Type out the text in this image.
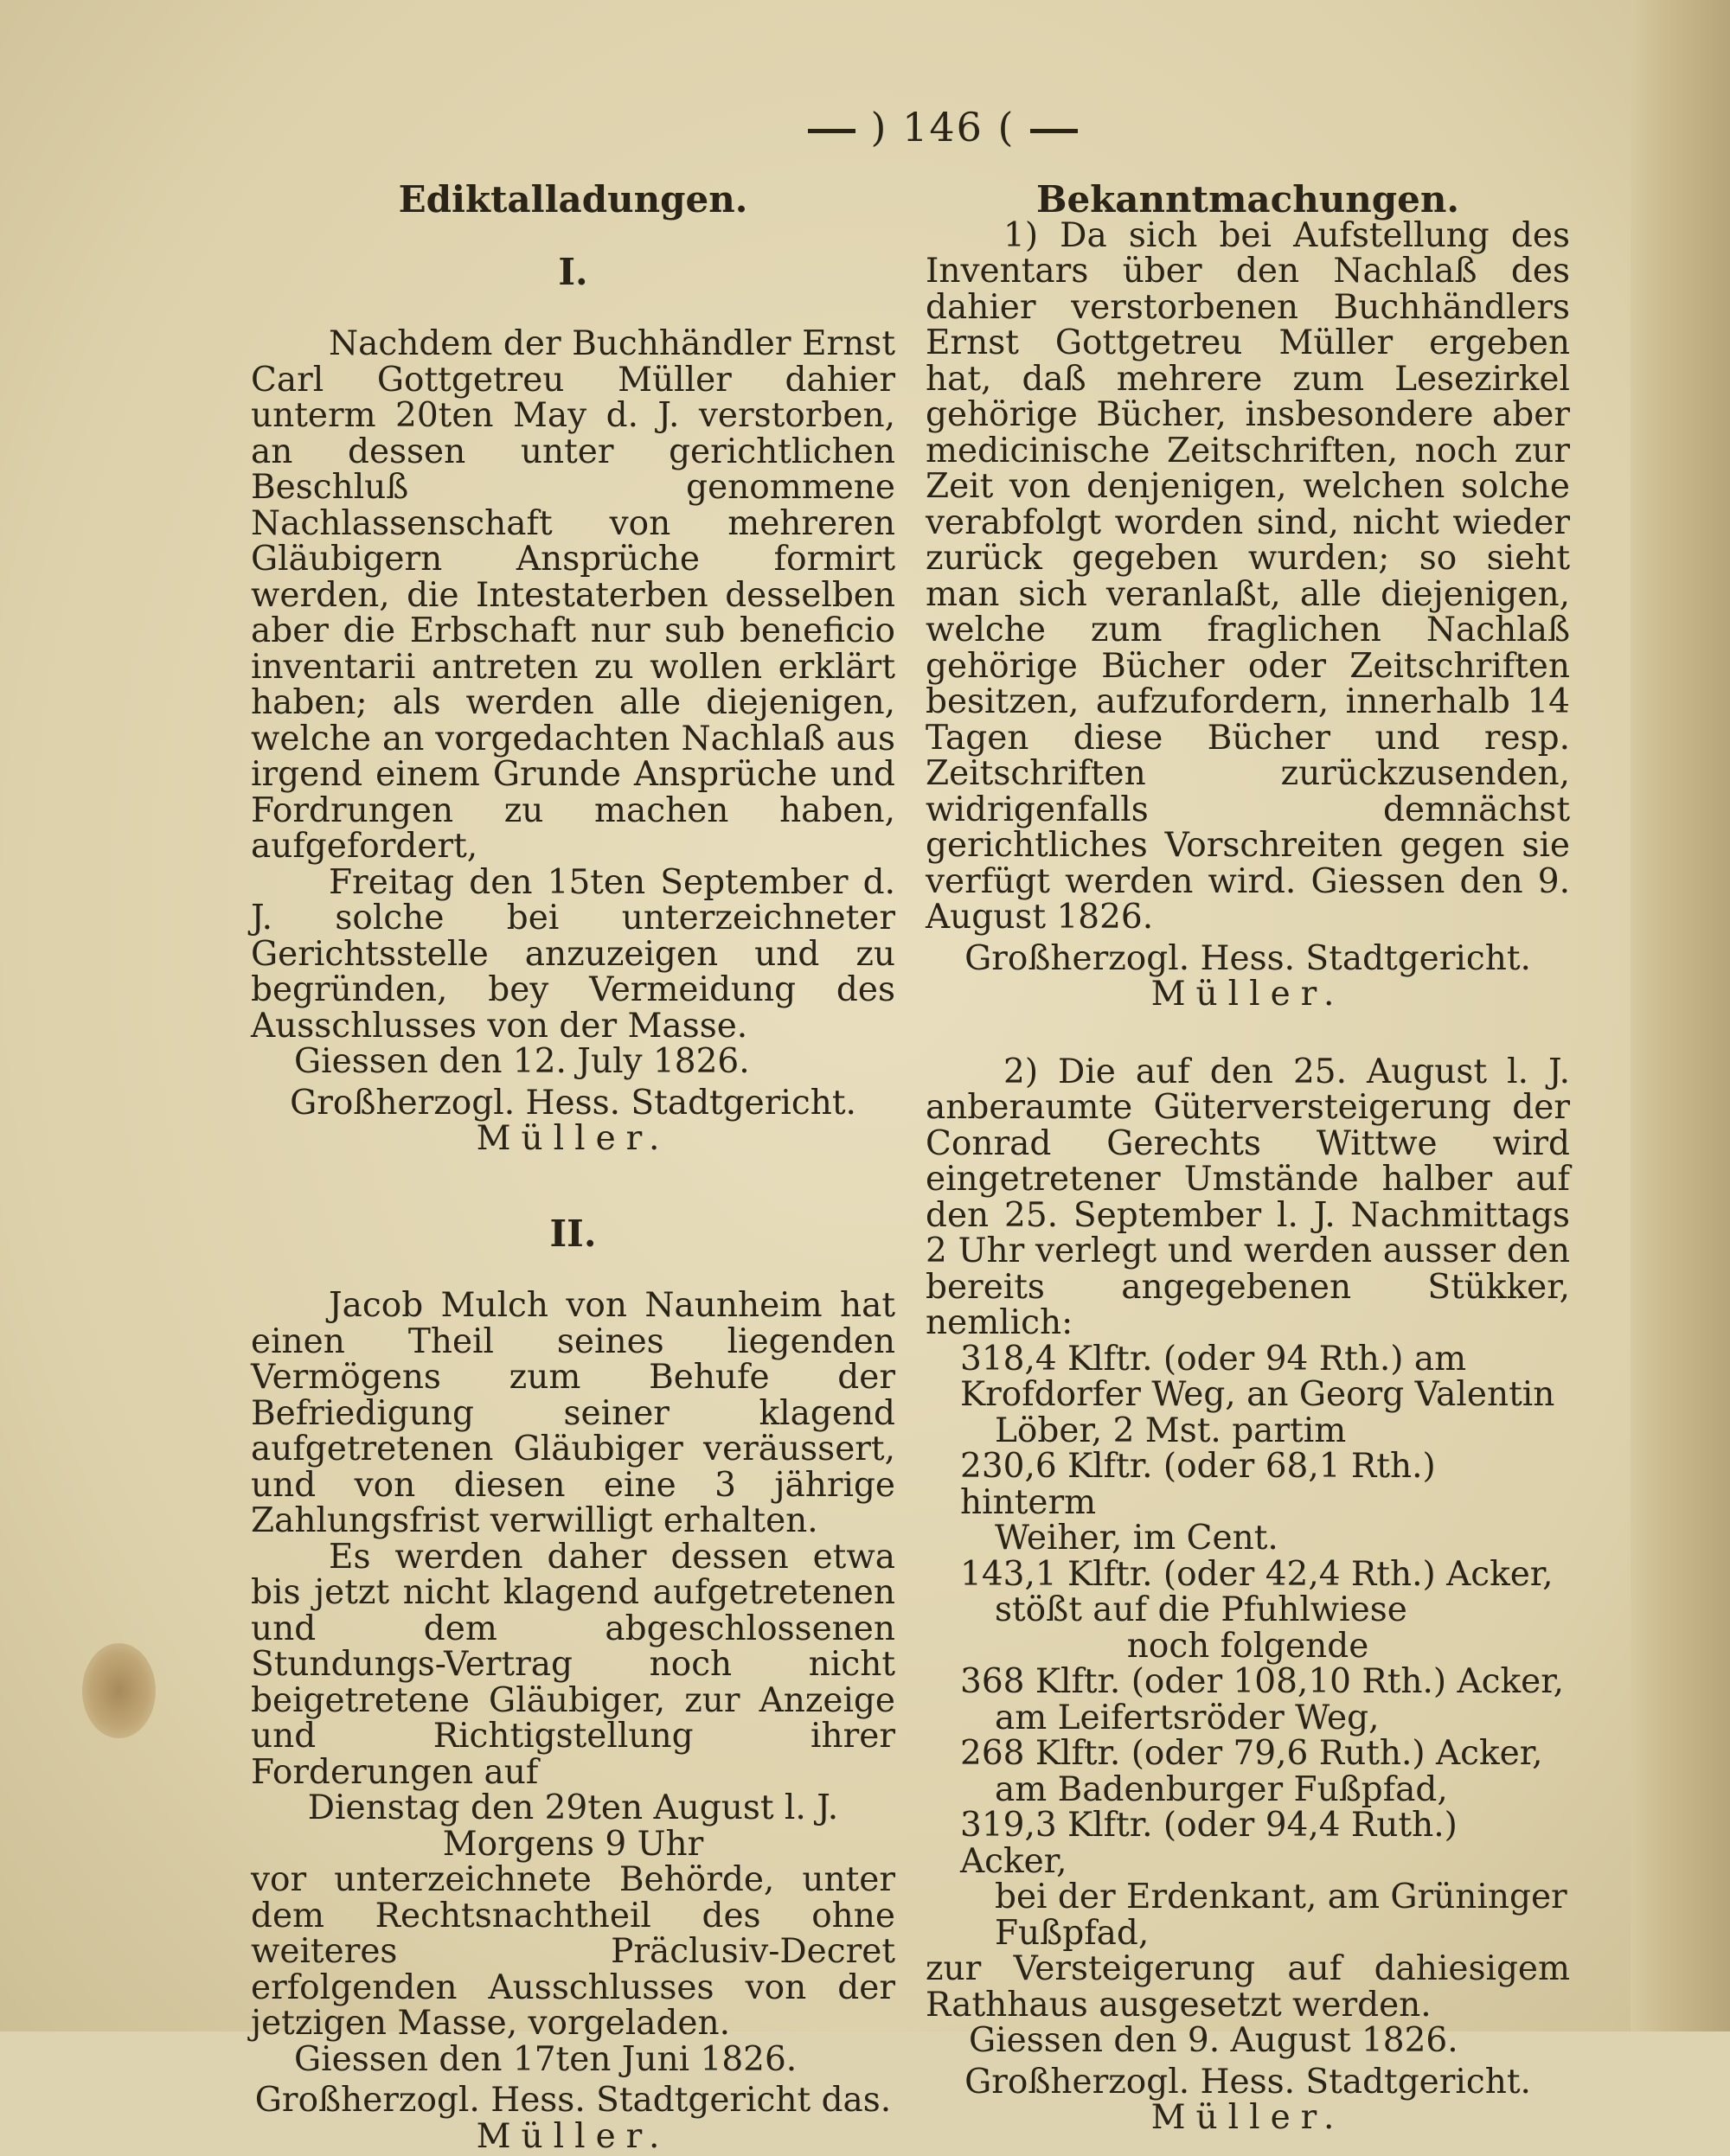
) 146 (

Ediktalladungen.

I.

Nachdem der Buchhändler Ernst Carl Gottgetreu Müller dahier unterm 20ten May d. J. verstorben, an dessen unter gerichtlichen Beschluß genommene Nachlassenschaft von mehreren Gläubigern Ansprüche formirt werden, die Intestaterben desselben aber die Erbschaft nur sub beneficio inventarii antreten zu wollen erklärt haben; als werden alle diejenigen, welche an vorgedachten Nachlaß aus irgend einem Grunde Ansprüche und Fordrungen zu machen haben, aufgefordert,

Freitag den 15ten September d. J. solche bei unterzeichneter Gerichtsstelle anzuzeigen und zu begründen, bey Vermeidung des Ausschlusses von der Masse.

Giessen den 12. July 1826.

Großherzogl. Hess. Stadtgericht.

Müller.

II.

Jacob Mulch von Naunheim hat einen Theil seines liegenden Vermögens zum Behufe der Befriedigung seiner klagend aufgetretenen Gläubiger veräussert, und von diesen eine 3 jährige Zahlungsfrist verwilligt erhalten.

Es werden daher dessen etwa bis jetzt nicht klagend aufgetretenen und dem abgeschlossenen Stundungs-Vertrag noch nicht beigetretene Gläubiger, zur Anzeige und Richtigstellung ihrer Forderungen auf

Dienstag den 29ten August l. J.

Morgens 9 Uhr

vor unterzeichnete Behörde, unter dem Rechtsnachtheil des ohne weiteres Präclusiv-Decret erfolgenden Ausschlusses von der jetzigen Masse, vorgeladen.

Giessen den 17ten Juni 1826.

Großherzogl. Hess. Stadtgericht das.

Müller.

Bekanntmachungen.

1) Da sich bei Aufstellung des Inventars über den Nachlaß des dahier verstorbenen Buchhändlers Ernst Gottgetreu Müller ergeben hat, daß mehrere zum Lesezirkel gehörige Bücher, insbesondere aber medicinische Zeitschriften, noch zur Zeit von denjenigen, welchen solche verabfolgt worden sind, nicht wieder zurück gegeben wurden; so sieht man sich veranlaßt, alle diejenigen, welche zum fraglichen Nachlaß gehörige Bücher oder Zeitschriften besitzen, aufzufordern, innerhalb 14 Tagen diese Bücher und resp. Zeitschriften zurückzusenden, widrigenfalls demnächst gerichtliches Vorschreiten gegen sie verfügt werden wird. Giessen den 9. August 1826.

Großherzogl. Hess. Stadtgericht.

Müller.

2) Die auf den 25. August l. J. anberaumte Güterversteigerung der Conrad Gerechts Wittwe wird eingetretener Umstände halber auf den 25. September l. J. Nachmittags 2 Uhr verlegt und werden ausser den bereits angegebenen Stükker, nemlich:

318,4 Klftr. (oder 94 Rth.) am Krofdorfer Weg, an Georg Valentin
Löber, 2 Mst. partim

230,6 Klftr. (oder 68,1 Rth.) hinterm
Weiher, im Cent.

143,1 Klftr. (oder 42,4 Rth.) Acker,
stößt auf die Pfuhlwiese

noch folgende

368 Klftr. (oder 108,10 Rth.) Acker,
am Leifertsröder Weg,

268 Klftr. (oder 79,6 Ruth.) Acker,
am Badenburger Fußpfad,

319,3 Klftr. (oder 94,4 Ruth.) Acker,
bei der Erdenkant, am Grüninger Fußpfad,

zur Versteigerung auf dahiesigem Rathhaus ausgesetzt werden.

Giessen den 9. August 1826.

Großherzogl. Hess. Stadtgericht.

Müller.
